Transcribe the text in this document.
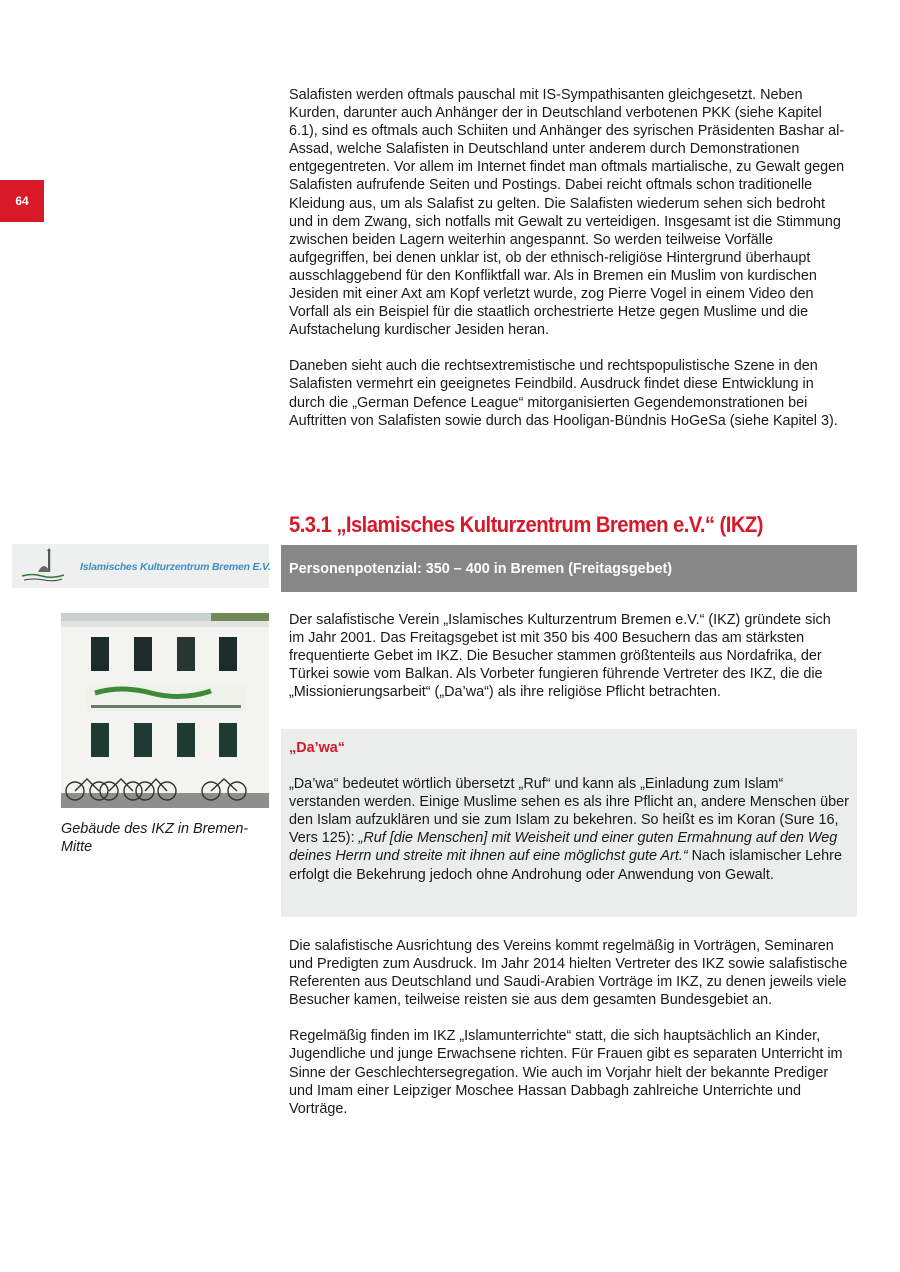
64

Salafisten werden oftmals pauschal mit IS-Sympathisanten gleichgesetzt. Neben Kurden, darunter auch Anhänger der in Deutschland verbotenen PKK (siehe Kapitel 6.1), sind es oftmals auch Schiiten und Anhänger des syrischen Präsidenten Bashar al-Assad, welche Salafisten in Deutschland unter anderem durch Demonstrationen entgegentreten. Vor allem im Internet findet man oftmals martialische, zu Gewalt gegen Salafisten aufrufende Seiten und Postings. Dabei reicht oftmals schon traditionelle Kleidung aus, um als Salafist zu gelten. Die Salafisten wiederum sehen sich bedroht und in dem Zwang, sich notfalls mit Gewalt zu verteidigen. Insgesamt ist die Stimmung zwischen beiden Lagern weiterhin angespannt. So werden teilweise Vorfälle aufgegriffen, bei denen unklar ist, ob der ethnisch-religiöse Hintergrund überhaupt ausschlaggebend für den Konfliktfall war. Als in Bremen ein Muslim von kurdischen Jesiden mit einer Axt am Kopf verletzt wurde, zog Pierre Vogel in einem Video den Vorfall als ein Beispiel für die staatlich orchestrierte Hetze gegen Muslime und die Aufstachelung kurdischer Jesiden heran.

Daneben sieht auch die rechtsextremistische und rechtspopulistische Szene in den Salafisten vermehrt ein geeignetes Feindbild. Ausdruck findet diese Entwicklung in durch die „German Defence League“ mitorganisierten Gegendemonstrationen bei Auftritten von Salafisten sowie durch das Hooligan-Bündnis HoGeSa (siehe Kapitel 3).

5.3.1 „Islamisches Kulturzentrum Bremen e.V.“ (IKZ)
Personenpotenzial: 350 – 400 in Bremen (Freitagsgebet)
Islamisches Kulturzentrum Bremen E.V.
Gebäude des IKZ in Bremen-Mitte

Der salafistische Verein „Islamisches Kulturzentrum Bremen e.V.“ (IKZ) gründete sich im Jahr 2001. Das Freitagsgebet ist mit 350 bis 400 Besuchern das am stärksten frequentierte Gebet im IKZ. Die Besucher stammen größtenteils aus Nordafrika, der Türkei sowie vom Balkan. Als Vorbeter fungieren führende Vertreter des IKZ, die die „Missionierungsarbeit“ („Da’wa“) als ihre religiöse Pflicht betrachten.

„Da’wa“

„Da’wa“ bedeutet wörtlich übersetzt „Ruf“ und kann als „Einladung zum Islam“ verstanden werden. Einige Muslime sehen es als ihre Pflicht an, andere Menschen über den Islam aufzuklären und sie zum Islam zu bekehren. So heißt es im Koran (Sure 16, Vers 125): „Ruf [die Menschen] mit Weisheit und einer guten Ermahnung auf den Weg deines Herrn und streite mit ihnen auf eine möglichst gute Art.“ Nach islamischer Lehre erfolgt die Bekehrung jedoch ohne Androhung oder Anwendung von Gewalt.

Die salafistische Ausrichtung des Vereins kommt regelmäßig in Vorträgen, Seminaren und Predigten zum Ausdruck. Im Jahr 2014 hielten Vertreter des IKZ sowie salafistische Referenten aus Deutschland und Saudi-Arabien Vorträge im IKZ, zu denen jeweils viele Besucher kamen, teilweise reisten sie aus dem gesamten Bundesgebiet an.

Regelmäßig finden im IKZ „Islamunterrichte“ statt, die sich hauptsächlich an Kinder, Jugendliche und junge Erwachsene richten. Für Frauen gibt es separaten Unterricht im Sinne der Geschlechtersegregation. Wie auch im Vorjahr hielt der bekannte Prediger und Imam einer Leipziger Moschee Hassan Dabbagh zahlreiche Unterrichte und Vorträge.
